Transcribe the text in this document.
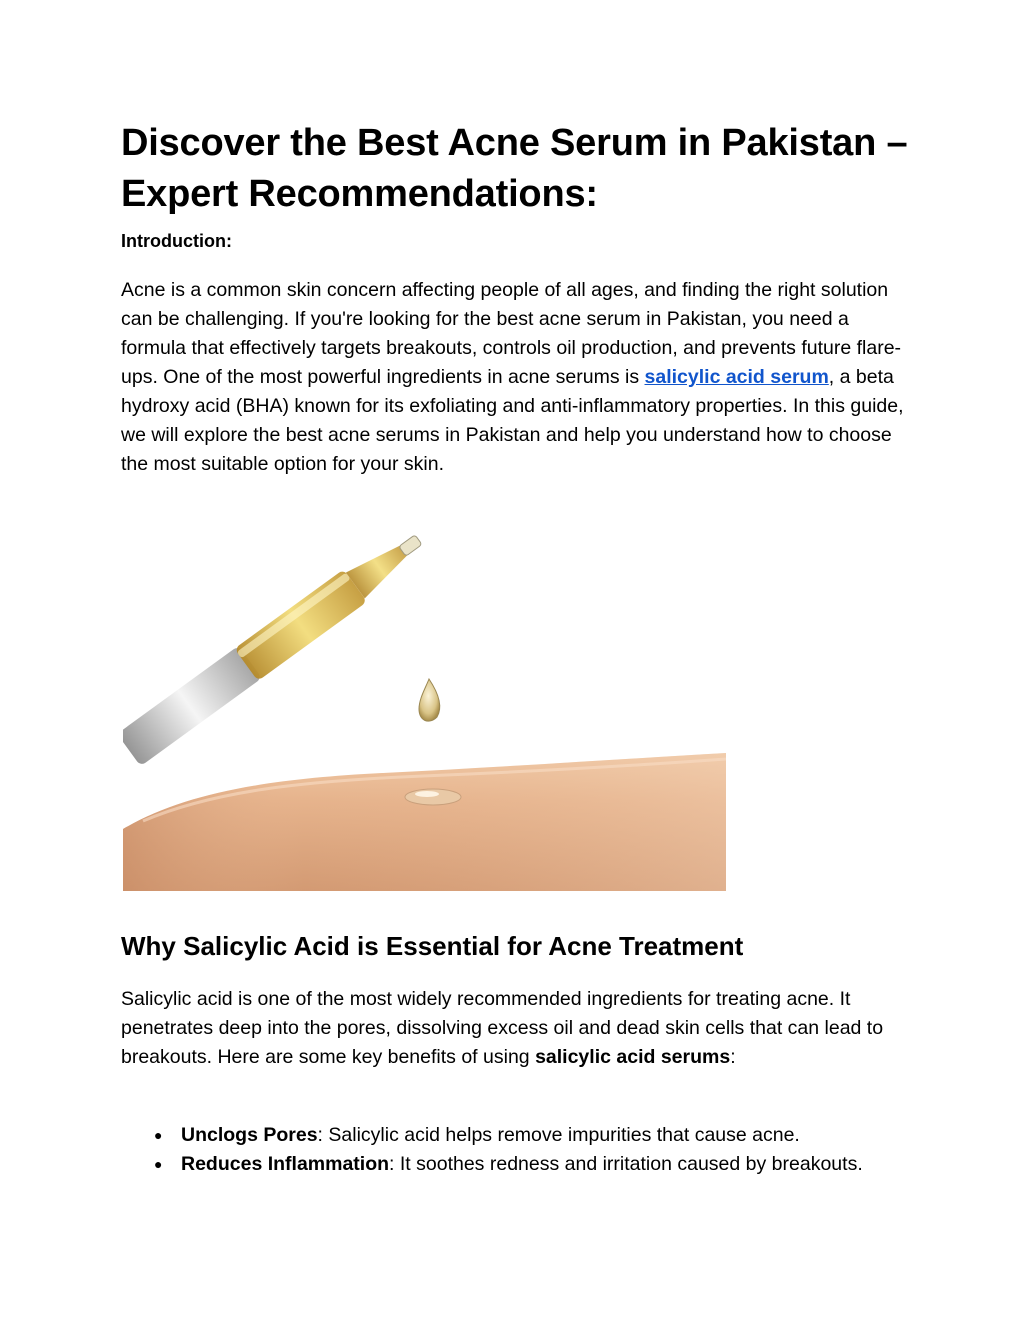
Discover the Best Acne Serum in Pakistan – Expert Recommendations:

Introduction:

Acne is a common skin concern affecting people of all ages, and finding the right solution can be challenging. If you're looking for the best acne serum in Pakistan, you need a formula that effectively targets breakouts, controls oil production, and prevents future flare-ups. One of the most powerful ingredients in acne serums is salicylic acid serum, a beta hydroxy acid (BHA) known for its exfoliating and anti-inflammatory properties. In this guide, we will explore the best acne serums in Pakistan and help you understand how to choose the most suitable option for your skin.

Why Salicylic Acid is Essential for Acne Treatment

Salicylic acid is one of the most widely recommended ingredients for treating acne. It penetrates deep into the pores, dissolving excess oil and dead skin cells that can lead to breakouts. Here are some key benefits of using salicylic acid serums:

● Unclogs Pores: Salicylic acid helps remove impurities that cause acne.
● Reduces Inflammation: It soothes redness and irritation caused by breakouts.
